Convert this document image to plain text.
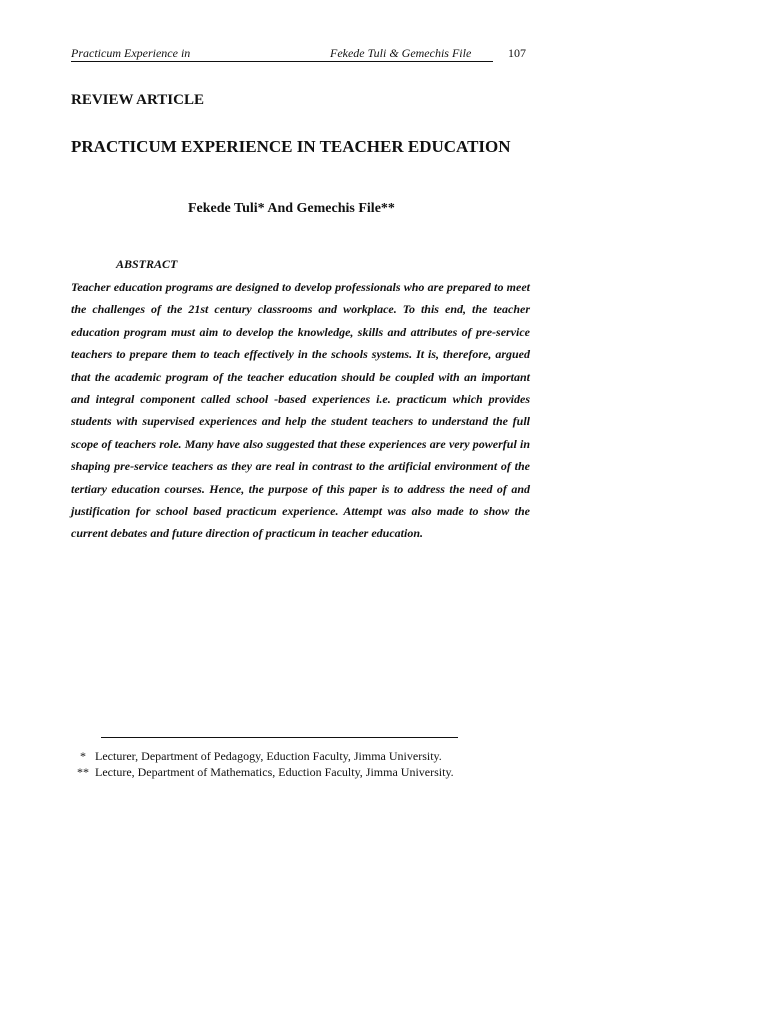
Practicum Experience in	Fekede Tuli & Gemechis File	107

REVIEW ARTICLE

PRACTICUM EXPERIENCE IN TEACHER EDUCATION

Fekede Tuli* And Gemechis File**

ABSTRACT

Teacher education programs are designed to develop professionals who are prepared to meet the challenges of the 21st century classrooms and workplace. To this end, the teacher education program must aim to develop the knowledge, skills and attributes of pre-service teachers to prepare them to teach effectively in the schools systems. It is, therefore, argued that the academic program of the teacher education should be coupled with an important and integral component called school -based experiences i.e. practicum which provides students with supervised experiences and help the student teachers to understand the full scope of teachers role. Many have also suggested that these experiences are very powerful in shaping pre-service teachers as they are real in contrast to the artificial environment of the tertiary education courses. Hence, the purpose of this paper is to address the need of and justification for school based practicum experience. Attempt was also made to show the current debates and future direction of practicum in teacher education.

* Lecturer, Department of Pedagogy, Eduction Faculty, Jimma University.
** Lecture, Department of Mathematics, Eduction Faculty, Jimma University.
